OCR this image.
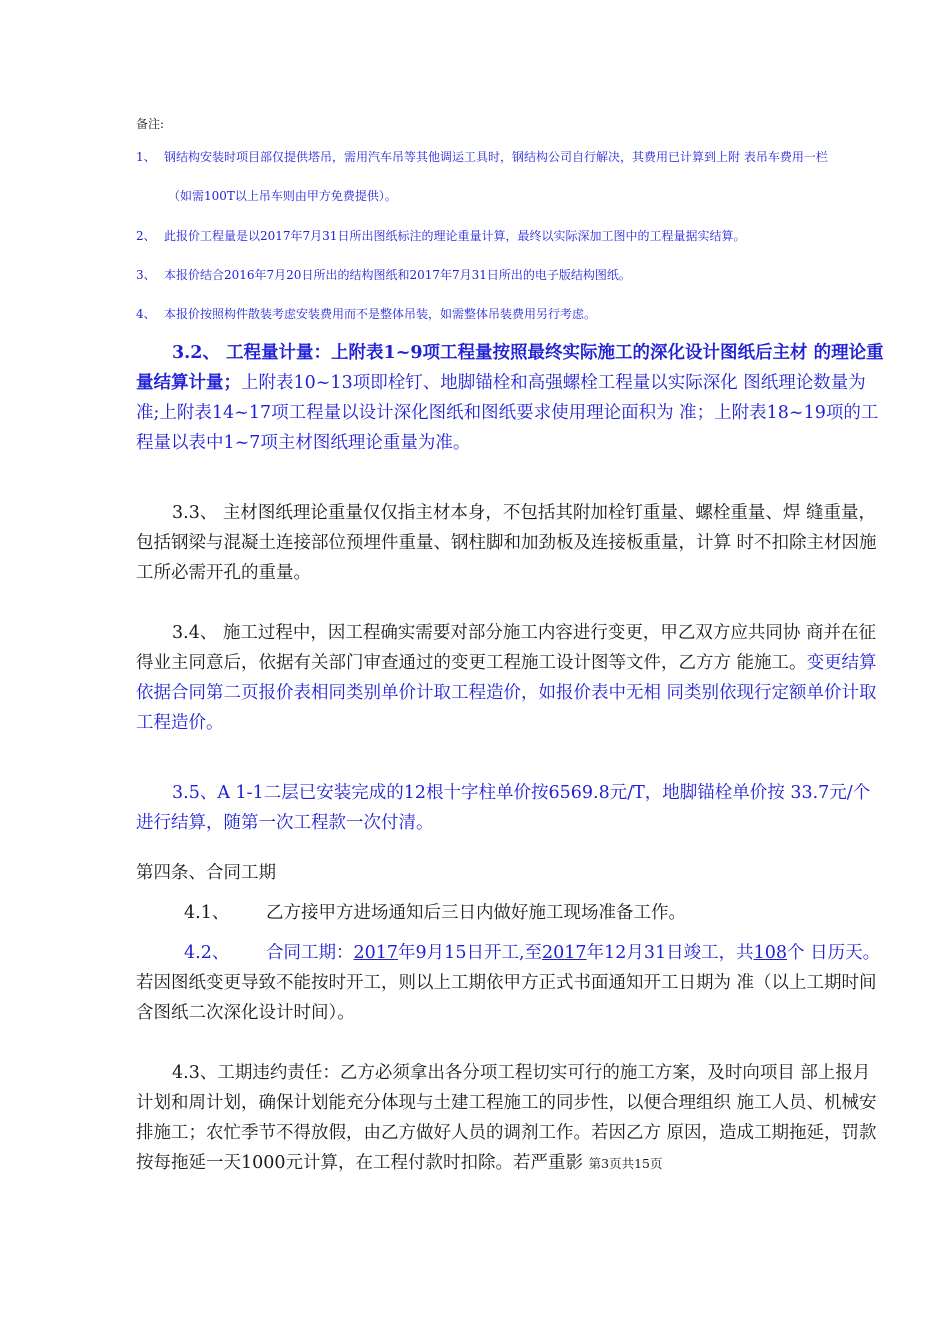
备注:
1、 钢结构安装时项目部仅提供塔吊，需用汽车吊等其他调运工具时，钢结构公司自行解决，其费用已计算到上附 表吊车费用一栏
（如需100T以上吊车则由甲方免费提供）。
2、 此报价工程量是以2017年7月31日所出图纸标注的理论重量计算，最终以实际深加工图中的工程量据实结算。
3、 本报价结合2016年7月20日所出的结构图纸和2017年7月31日所出的电子版结构图纸。
4、 本报价按照构件散装考虑安装费用而不是整体吊装，如需整体吊装费用另行考虑。
3.2、 工程量计量：上附表1~9项工程量按照最终实际施工的深化设计图纸后主材 的理论重
量结算计量；上附表10~13项即栓钉、地脚锚栓和高强螺栓工程量以实际深化 图纸理论数量为
准;上附表14~17项工程量以设计深化图纸和图纸要求使用理论面积为 准；上附表18~19项的工
程量以表中1~7项主材图纸理论重量为准。
3.3、 主材图纸理论重量仅仅指主材本身，不包括其附加栓钉重量、螺栓重量、焊 缝重量，
包括钢梁与混凝土连接部位预埋件重量、钢柱脚和加劲板及连接板重量，计算 时不扣除主材因施
工所必需开孔的重量。
3.4、 施工过程中，因工程确实需要对部分施工内容进行变更，甲乙双方应共同协 商并在征
得业主同意后，依据有关部门审查通过的变更工程施工设计图等文件，乙方方 能施工。变更结算
依据合同第二页报价表相同类别单价计取工程造价，如报价表中无相 同类别依现行定额单价计取
工程造价。
3.5、A 1-1二层已安装完成的12根十字柱单价按6569.8元/T，地脚锚栓单价按 33.7元/个
进行结算，随第一次工程款一次付清。
第四条、合同工期
4.1、 乙方接甲方进场通知后三日内做好施工现场准备工作。
4.2、 合同工期：2017年9月15日开工,至2017年12月31日竣工，共108个 日历天。
若因图纸变更导致不能按时开工，则以上工期依甲方正式书面通知开工日期为 准（以上工期时间
含图纸二次深化设计时间）。
4.3、工期违约责任：乙方必须拿出各分项工程切实可行的施工方案，及时向项目 部上报月
计划和周计划，确保计划能充分体现与土建工程施工的同步性，以便合理组织 施工人员、机械安
排施工；农忙季节不得放假，由乙方做好人员的调剂工作。若因乙方 原因，造成工期拖延，罚款
按每拖延一天1000元计算，在工程付款时扣除。若严重影 第3页共15页
